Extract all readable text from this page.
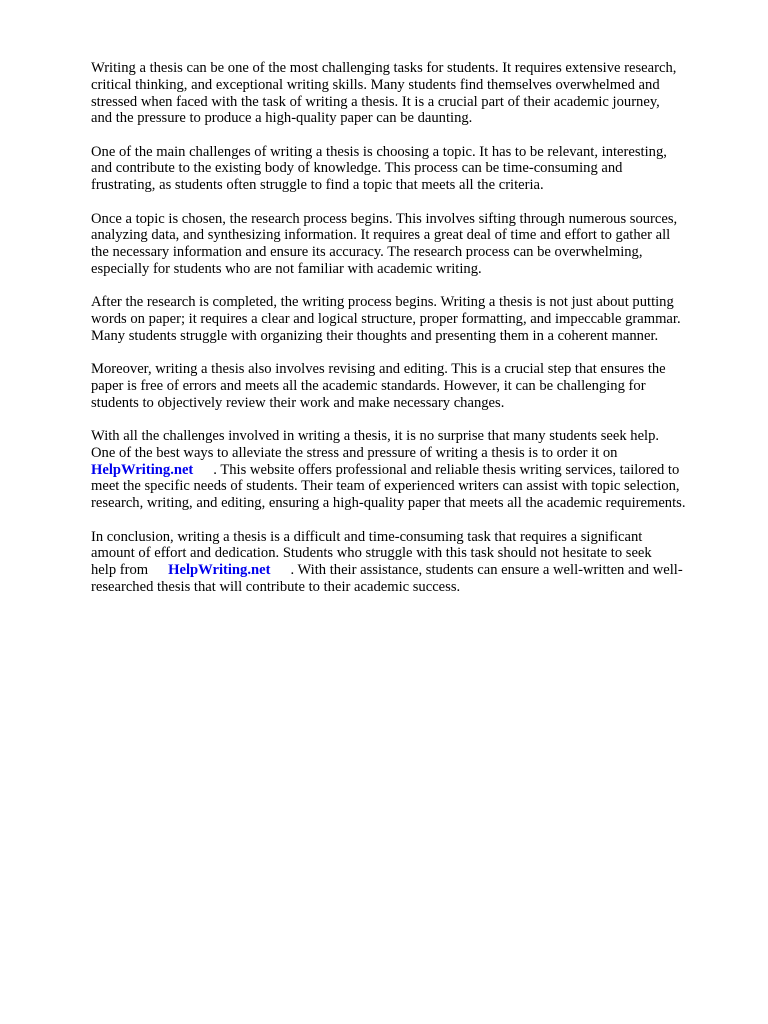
Writing a thesis can be one of the most challenging tasks for students. It requires extensive research,
critical thinking, and exceptional writing skills. Many students find themselves overwhelmed and
stressed when faced with the task of writing a thesis. It is a crucial part of their academic journey,
and the pressure to produce a high-quality paper can be daunting.

One of the main challenges of writing a thesis is choosing a topic. It has to be relevant, interesting,
and contribute to the existing body of knowledge. This process can be time-consuming and
frustrating, as students often struggle to find a topic that meets all the criteria.

Once a topic is chosen, the research process begins. This involves sifting through numerous sources,
analyzing data, and synthesizing information. It requires a great deal of time and effort to gather all
the necessary information and ensure its accuracy. The research process can be overwhelming,
especially for students who are not familiar with academic writing.

After the research is completed, the writing process begins. Writing a thesis is not just about putting
words on paper; it requires a clear and logical structure, proper formatting, and impeccable grammar.
Many students struggle with organizing their thoughts and presenting them in a coherent manner.

Moreover, writing a thesis also involves revising and editing. This is a crucial step that ensures the
paper is free of errors and meets all the academic standards. However, it can be challenging for
students to objectively review their work and make necessary changes.

With all the challenges involved in writing a thesis, it is no surprise that many students seek help.
One of the best ways to alleviate the stress and pressure of writing a thesis is to order it on
HelpWriting.net . This website offers professional and reliable thesis writing services, tailored to
meet the specific needs of students. Their team of experienced writers can assist with topic selection,
research, writing, and editing, ensuring a high-quality paper that meets all the academic requirements.

In conclusion, writing a thesis is a difficult and time-consuming task that requires a significant
amount of effort and dedication. Students who struggle with this task should not hesitate to seek
help from HelpWriting.net . With their assistance, students can ensure a well-written and well-
researched thesis that will contribute to their academic success.
